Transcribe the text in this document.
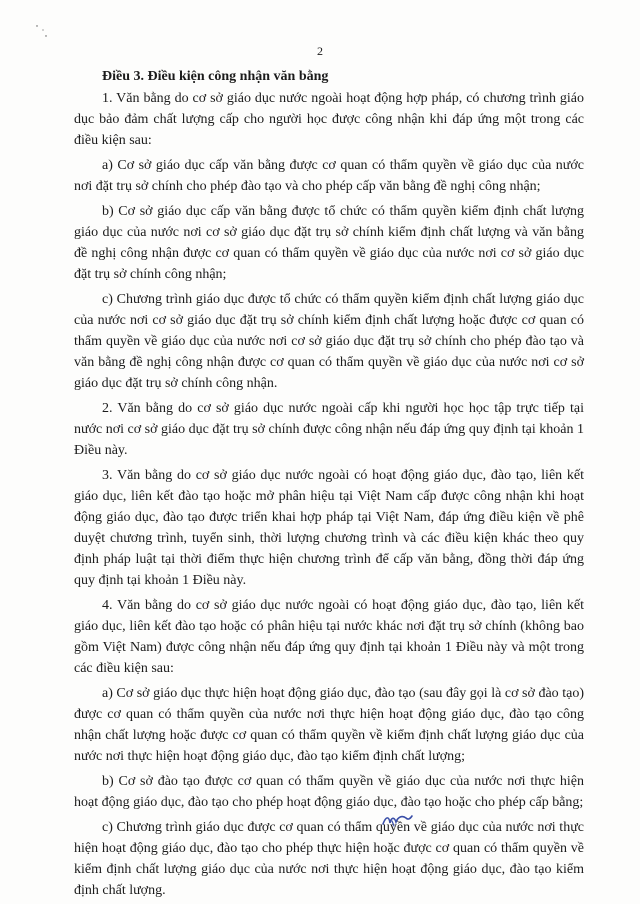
2

Điều 3. Điều kiện công nhận văn bằng

1. Văn bằng do cơ sở giáo dục nước ngoài hoạt động hợp pháp, có chương trình giáo dục bảo đảm chất lượng cấp cho người học được công nhận khi đáp ứng một trong các điều kiện sau:

a) Cơ sở giáo dục cấp văn bằng được cơ quan có thẩm quyền về giáo dục của nước nơi đặt trụ sở chính cho phép đào tạo và cho phép cấp văn bằng đề nghị công nhận;

b) Cơ sở giáo dục cấp văn bằng được tổ chức có thẩm quyền kiểm định chất lượng giáo dục của nước nơi cơ sở giáo dục đặt trụ sở chính kiểm định chất lượng và văn bằng đề nghị công nhận được cơ quan có thẩm quyền về giáo dục của nước nơi cơ sở giáo dục đặt trụ sở chính công nhận;

c) Chương trình giáo dục được tổ chức có thẩm quyền kiểm định chất lượng giáo dục của nước nơi cơ sở giáo dục đặt trụ sở chính kiểm định chất lượng hoặc được cơ quan có thẩm quyền về giáo dục của nước nơi cơ sở giáo dục đặt trụ sở chính cho phép đào tạo và văn bằng đề nghị công nhận được cơ quan có thẩm quyền về giáo dục của nước nơi cơ sở giáo dục đặt trụ sở chính công nhận.

2. Văn bằng do cơ sở giáo dục nước ngoài cấp khi người học học tập trực tiếp tại nước nơi cơ sở giáo dục đặt trụ sở chính được công nhận nếu đáp ứng quy định tại khoản 1 Điều này.

3. Văn bằng do cơ sở giáo dục nước ngoài có hoạt động giáo dục, đào tạo, liên kết giáo dục, liên kết đào tạo hoặc mở phân hiệu tại Việt Nam cấp được công nhận khi hoạt động giáo dục, đào tạo được triển khai hợp pháp tại Việt Nam, đáp ứng điều kiện về phê duyệt chương trình, tuyển sinh, thời lượng chương trình và các điều kiện khác theo quy định pháp luật tại thời điểm thực hiện chương trình để cấp văn bằng, đồng thời đáp ứng quy định tại khoản 1 Điều này.

4. Văn bằng do cơ sở giáo dục nước ngoài có hoạt động giáo dục, đào tạo, liên kết giáo dục, liên kết đào tạo hoặc có phân hiệu tại nước khác nơi đặt trụ sở chính (không bao gồm Việt Nam) được công nhận nếu đáp ứng quy định tại khoản 1 Điều này và một trong các điều kiện sau:

a) Cơ sở giáo dục thực hiện hoạt động giáo dục, đào tạo (sau đây gọi là cơ sở đào tạo) được cơ quan có thẩm quyền của nước nơi thực hiện hoạt động giáo dục, đào tạo công nhận chất lượng hoặc được cơ quan có thẩm quyền về kiểm định chất lượng giáo dục của nước nơi thực hiện hoạt động giáo dục, đào tạo kiểm định chất lượng;

b) Cơ sở đào tạo được cơ quan có thẩm quyền về giáo dục của nước nơi thực hiện hoạt động giáo dục, đào tạo cho phép hoạt động giáo dục, đào tạo hoặc cho phép cấp bằng;

c) Chương trình giáo dục được cơ quan có thẩm quyền về giáo dục của nước nơi thực hiện hoạt động giáo dục, đào tạo cho phép thực hiện hoặc được cơ quan có thẩm quyền về kiểm định chất lượng giáo dục của nước nơi thực hiện hoạt động giáo dục, đào tạo kiểm định chất lượng.
